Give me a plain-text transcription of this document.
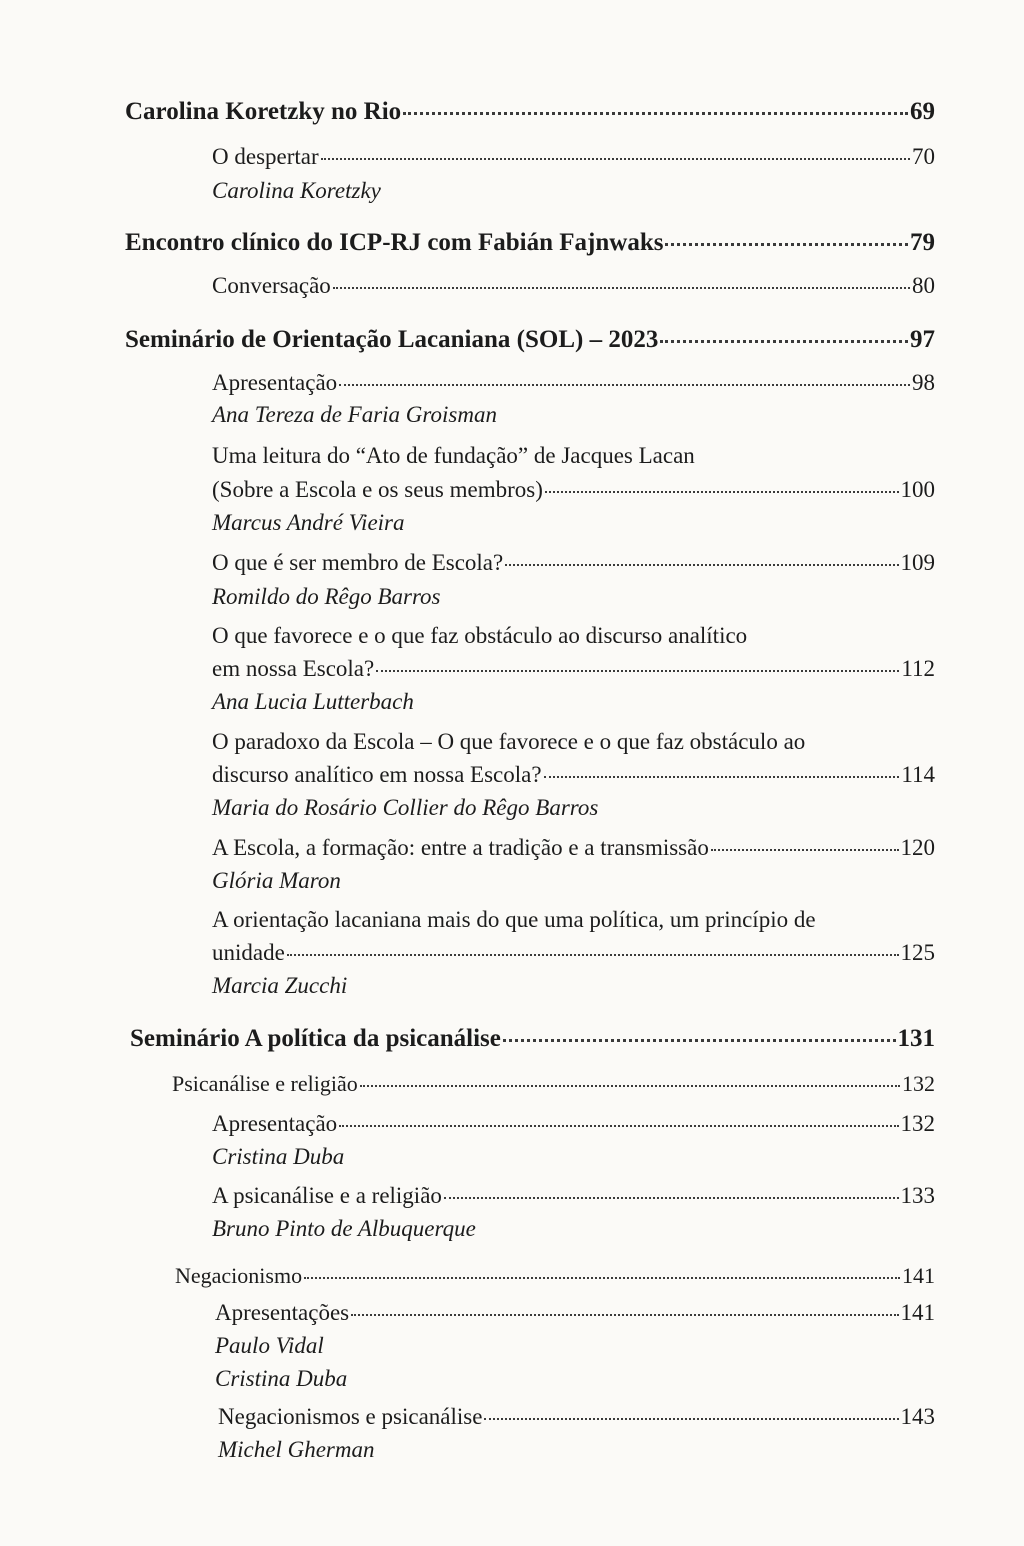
Carolina Koretzky no Rio	69
O despertar	70
Carolina Koretzky
Encontro clínico do ICP-RJ com Fabián Fajnwaks	79
Conversação	80
Seminário de Orientação Lacaniana (SOL) – 2023	97
Apresentação	98
Ana Tereza de Faria Groisman
Uma leitura do “Ato de fundação” de Jacques Lacan
(Sobre a Escola e os seus membros)	100
Marcus André Vieira
O que é ser membro de Escola?	109
Romildo do Rêgo Barros
O que favorece e o que faz obstáculo ao discurso analítico
em nossa Escola?	112
Ana Lucia Lutterbach
O paradoxo da Escola – O que favorece e o que faz obstáculo ao
discurso analítico em nossa Escola?	114
Maria do Rosário Collier do Rêgo Barros
A Escola, a formação: entre a tradição e a transmissão	120
Glória Maron
A orientação lacaniana mais do que uma política, um princípio de
unidade	125
Marcia Zucchi
Seminário A política da psicanálise	131
Psicanálise e religião	132
Apresentação	132
Cristina Duba
A psicanálise e a religião	133
Bruno Pinto de Albuquerque
Negacionismo	141
Apresentações	141
Paulo Vidal
Cristina Duba
Negacionismos e psicanálise	143
Michel Gherman
